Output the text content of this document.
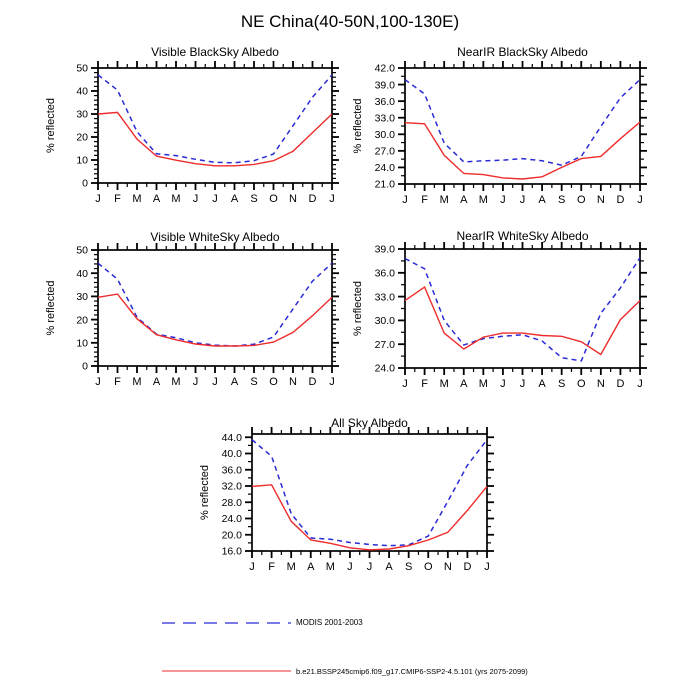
NE China(40-50N,100-130E)
Visible BlackSky Albedo	NearIR BlackSky Albedo
Visible WhiteSky Albedo	NearIR WhiteSky Albedo
All Sky Albedo
J F M A M J J A S O N D J
0
10
20
30
40
50
% reflected
J F M A M J J A S O N D J
21.0
24.0
27.0
30.0
33.0
36.0
39.0
42.0
% reflected
J F M A M J J A S O N D J
0
10
20
30
40
50
% reflected
J F M A M J J A S O N D J
24.0
27.0
30.0
33.0
36.0
39.0
% reflected
J F M A M J J A S O N D J
16.0
20.0
24.0
28.0
32.0
36.0
40.0
44.0
% reflected
MODIS 2001-2003
b.e21.BSSP245cmip6.f09_g17.CMIP6-SSP2-4.5.101 (yrs 2075-2099)
